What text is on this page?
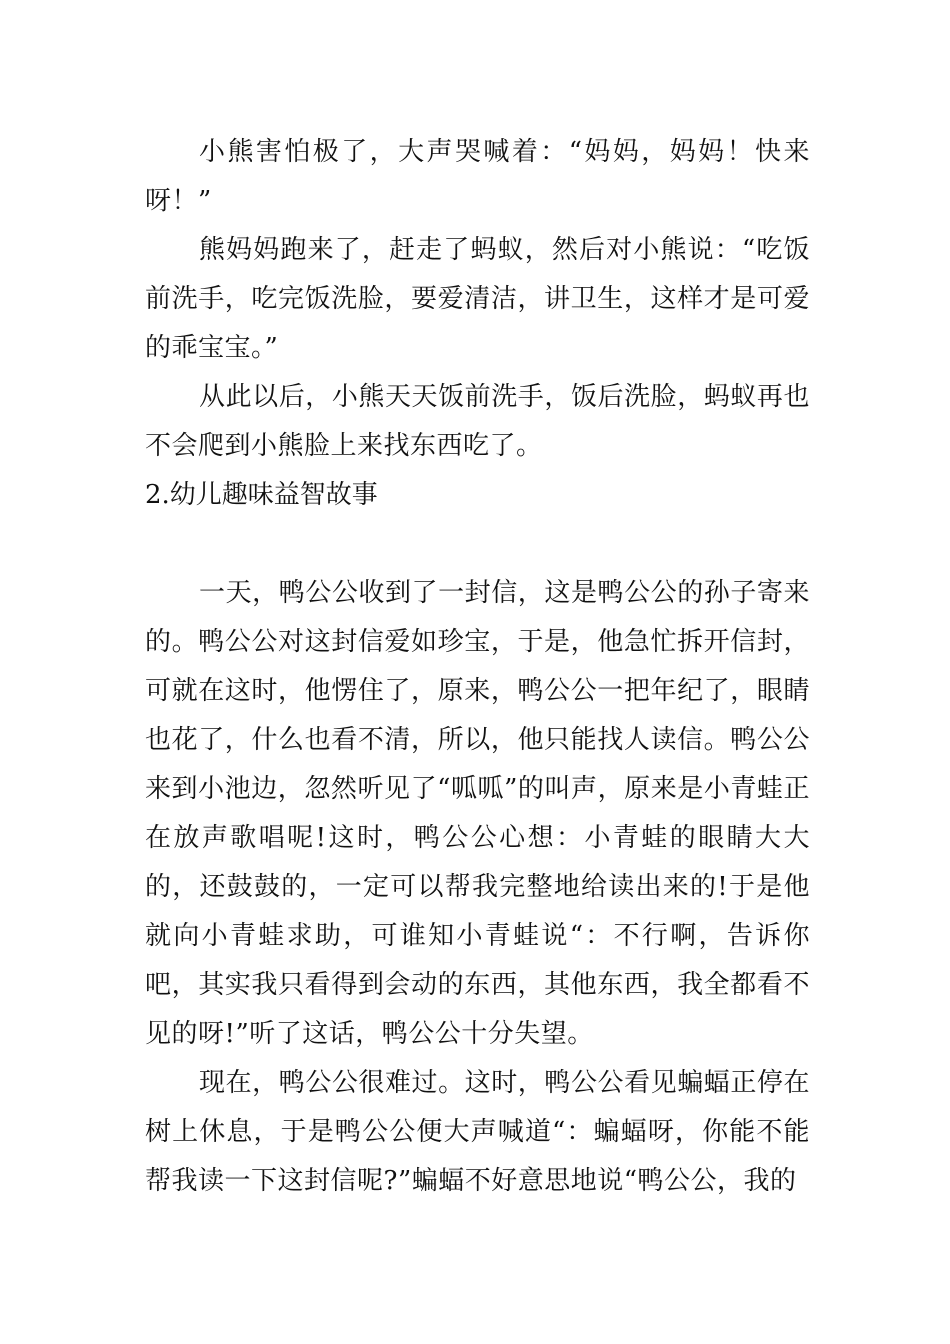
小熊害怕极了，大声哭喊着：“妈妈，妈妈！快来呀！”

熊妈妈跑来了，赶走了蚂蚁，然后对小熊说：“吃饭前洗手，吃完饭洗脸，要爱清洁，讲卫生，这样才是可爱的乖宝宝。”

从此以后，小熊天天饭前洗手，饭后洗脸，蚂蚁再也不会爬到小熊脸上来找东西吃了。

2.幼儿趣味益智故事

一天，鸭公公收到了一封信，这是鸭公公的孙子寄来的。鸭公公对这封信爱如珍宝，于是，他急忙拆开信封，可就在这时，他愣住了，原来，鸭公公一把年纪了，眼睛也花了，什么也看不清，所以，他只能找人读信。鸭公公来到小池边，忽然听见了“呱呱”的叫声，原来是小青蛙正在放声歌唱呢!这时，鸭公公心想：小青蛙的眼睛大大的，还鼓鼓的，一定可以帮我完整地给读出来的!于是他就向小青蛙求助，可谁知小青蛙说“：不行啊，告诉你吧，其实我只看得到会动的东西，其他东西，我全都看不见的呀!”听了这话，鸭公公十分失望。

现在，鸭公公很难过。这时，鸭公公看见蝙蝠正停在树上休息，于是鸭公公便大声喊道“：蝙蝠呀，你能不能帮我读一下这封信呢?”蝙蝠不好意思地说“鸭公公，我的
